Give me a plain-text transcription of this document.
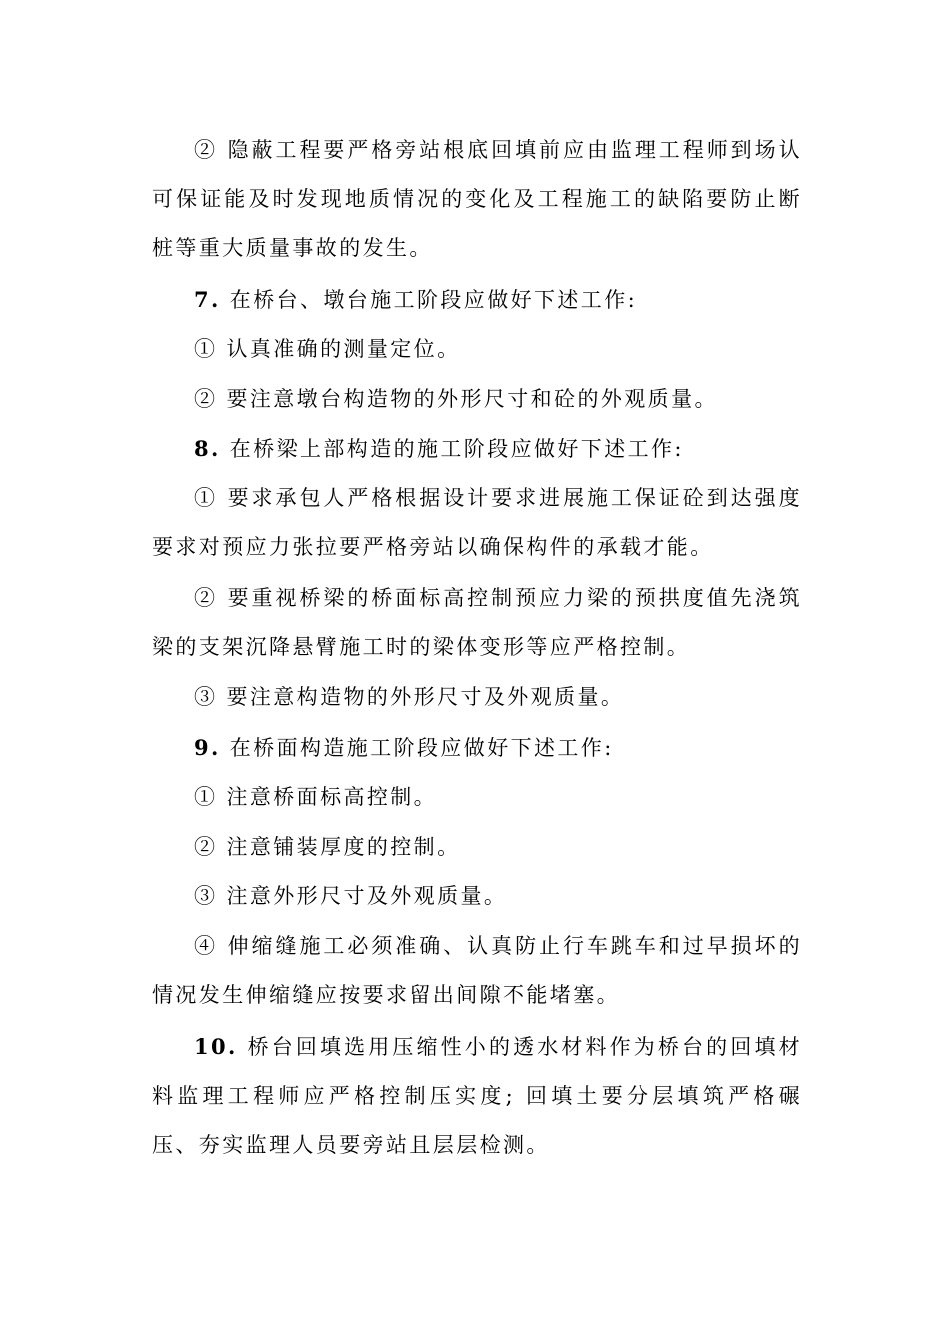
② 隐蔽工程要严格旁站根底回填前应由监理工程师到场认可保证能及时发现地质情况的变化及工程施工的缺陷要防止断桩等重大质量事故的发生。

7. 在桥台、墩台施工阶段应做好下述工作:

① 认真准确的测量定位。

② 要注意墩台构造物的外形尺寸和砼的外观质量。

8. 在桥梁上部构造的施工阶段应做好下述工作:

① 要求承包人严格根据设计要求进展施工保证砼到达强度要求对预应力张拉要严格旁站以确保构件的承载才能。

② 要重视桥梁的桥面标高控制预应力梁的预拱度值先浇筑梁的支架沉降悬臂施工时的梁体变形等应严格控制。

③ 要注意构造物的外形尺寸及外观质量。

9. 在桥面构造施工阶段应做好下述工作:

① 注意桥面标高控制。

② 注意铺装厚度的控制。

③ 注意外形尺寸及外观质量。

④ 伸缩缝施工必须准确、认真防止行车跳车和过早损坏的情况发生伸缩缝应按要求留出间隙不能堵塞。

10. 桥台回填选用压缩性小的透水材料作为桥台的回填材料监理工程师应严格控制压实度; 回填土要分层填筑严格碾压、夯实监理人员要旁站且层层检测。
